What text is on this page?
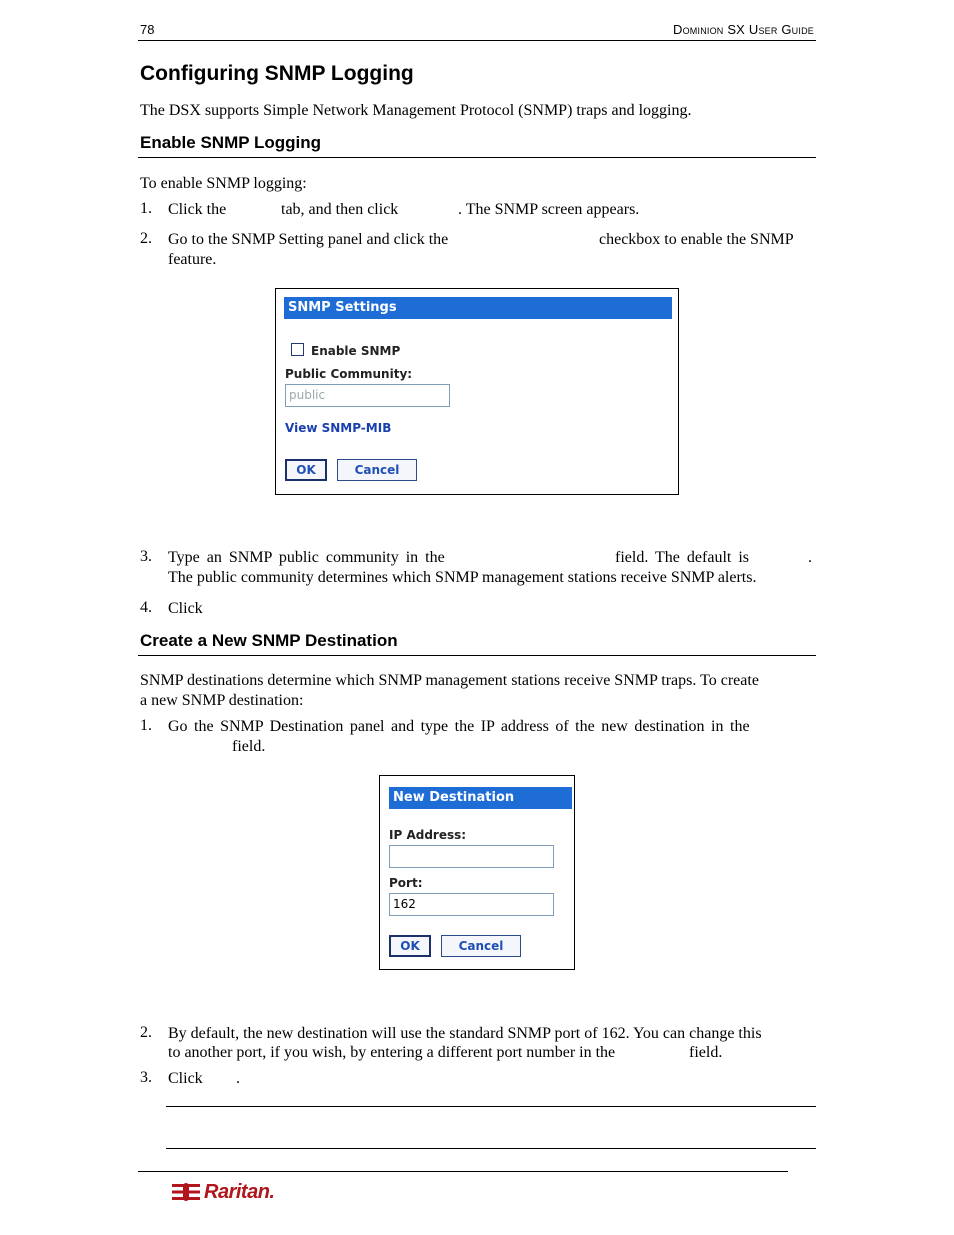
78	Dominion SX User Guide
Configuring SNMP Logging
The DSX supports Simple Network Management Protocol (SNMP) traps and logging.
Enable SNMP Logging
To enable SNMP logging:
1. Click the	tab, and then click	. The SNMP screen appears.
2. Go to the SNMP Setting panel and click the	checkbox to enable the SNMP
feature.
SNMP Settings
Enable SNMP
Public Community:
public
View SNMP-MIB
OK	Cancel
3. Type an SNMP public community in the	field. The default is	.
The public community determines which SNMP management stations receive SNMP alerts.
4. Click
Create a New SNMP Destination
SNMP destinations determine which SNMP management stations receive SNMP traps. To create
a new SNMP destination:
1. Go the SNMP Destination panel and type the IP address of the new destination in the
field.
New Destination
IP Address:
Port:
162
OK	Cancel
2. By default, the new destination will use the standard SNMP port of 162. You can change this
to another port, if you wish, by entering a different port number in the	field.
3. Click .
Raritan.
